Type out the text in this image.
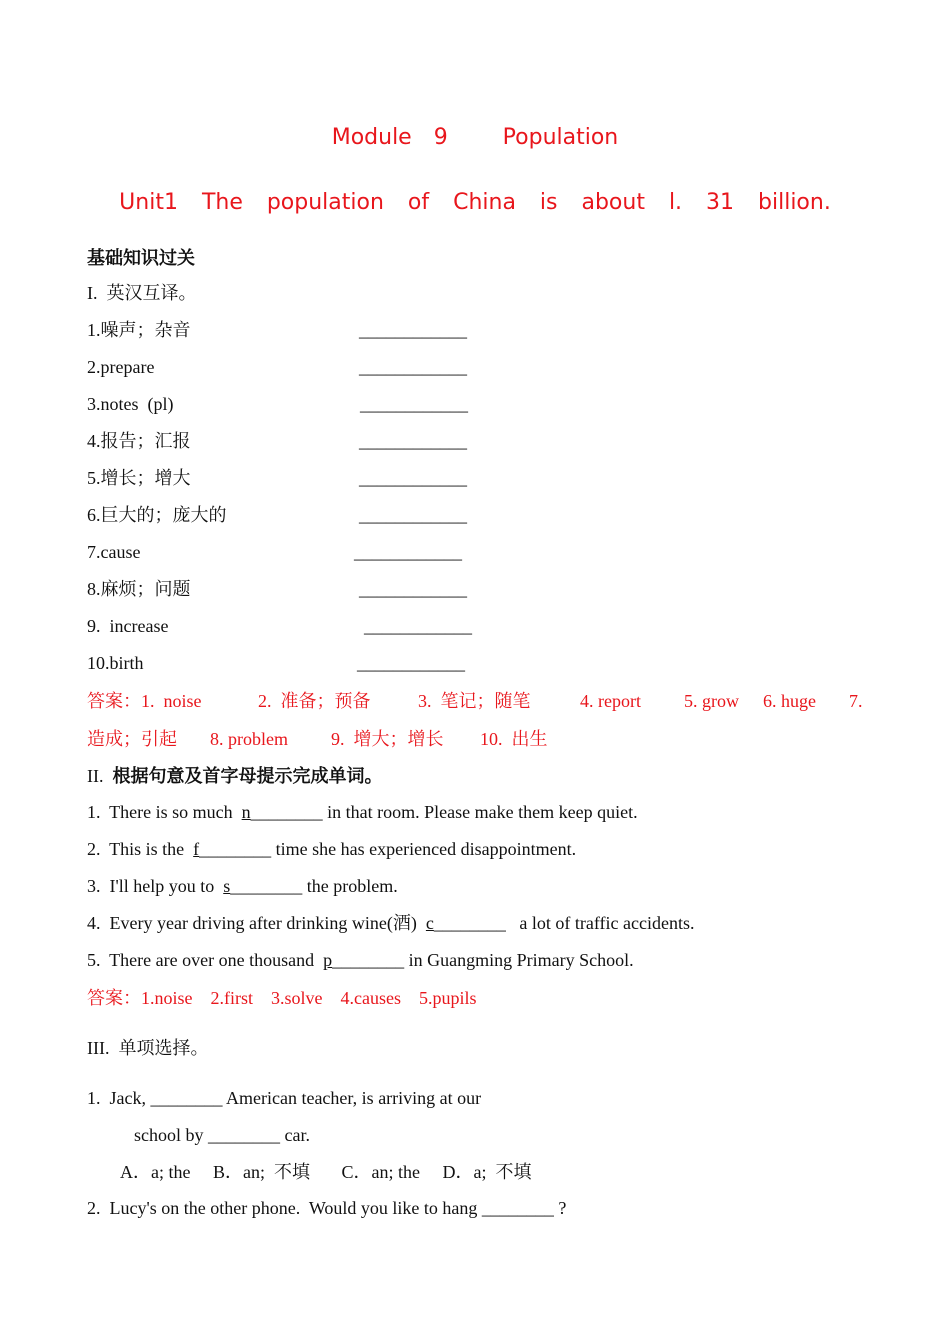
Module  9     Population
Unit1  The  population  of  China  is  about  l.  31  billion.
基础知识过关
I.  英汉互译。
1.噪声；杂音	____________
2.prepare	____________
3.notes  (pl)	____________
4.报告；汇报	____________
5.增长；增大	____________
6.巨大的；庞大的	____________
7.cause	____________
8.麻烦；问题	____________
9.  increase	____________
10.birth	____________
答案：1.  noise	2.  准备；预备	3.  笔记；随笔	4. report 5. grow 6. huge 7.
造成；引起 8. problem 9.  增大；增长 10.  出生
II. 根据句意及首字母提示完成单词。
1.  There is so much  n________ in that room. Please make them keep quiet.
2.  This is the  f________ time she has experienced disappointment.
3.  I'll help you to  s________ the problem.
4.  Every year driving after drinking wine(酒)  c________   a lot of traffic accidents.
5.  There are over one thousand  p________ in Guangming Primary School.
答案：1.noise    2.first    3.solve    4.causes    5.pupils
III.  单项选择。
1.  Jack, ________ American teacher, is arriving at our
school by ________ car.
A．a; the     B．an;  不填       C．an; the     D．a;  不填
2.  Lucy's on the other phone.  Would you like to hang ________ ?
